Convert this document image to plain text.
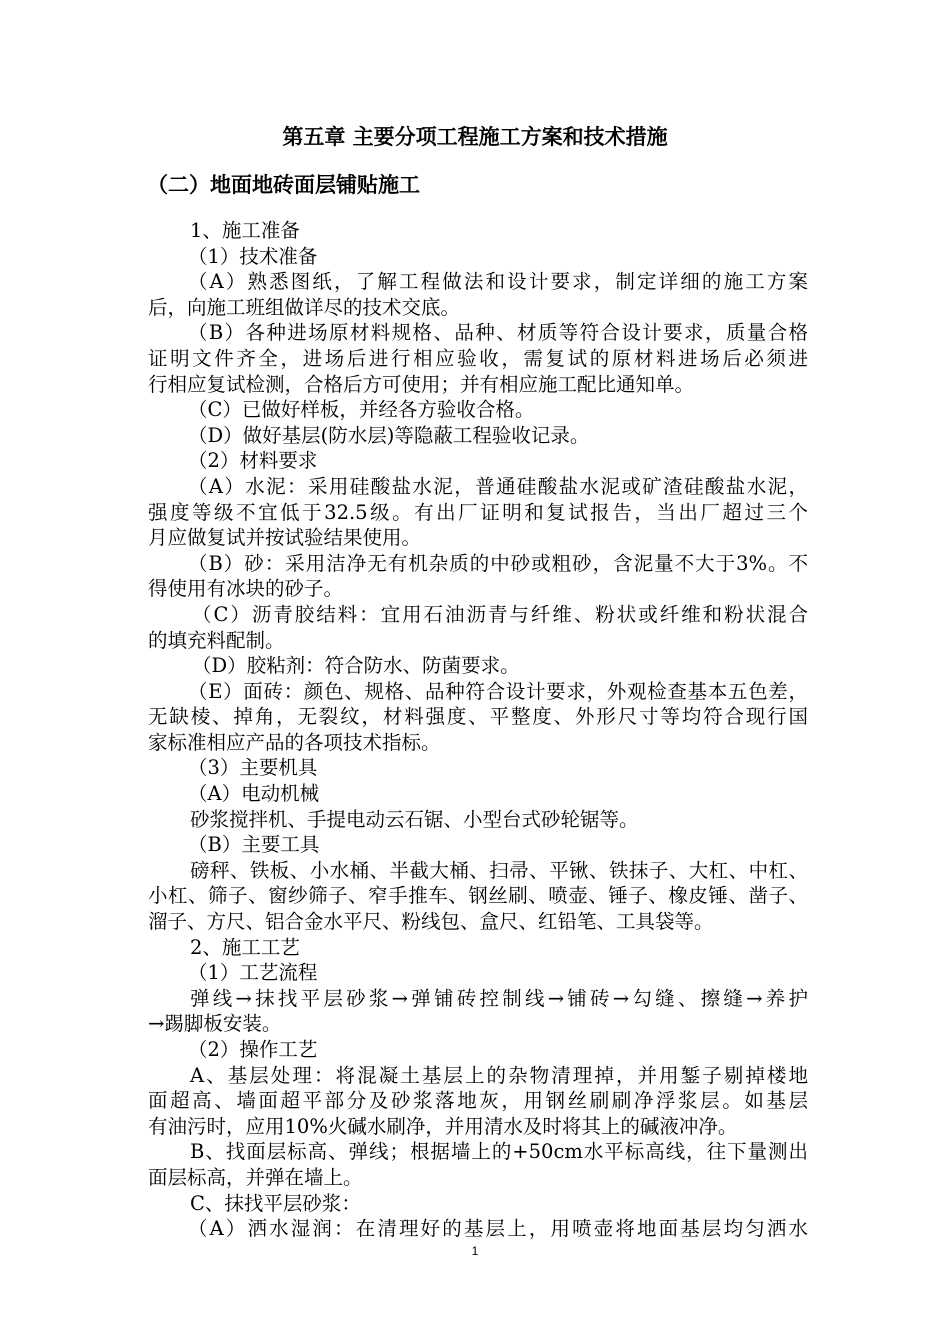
第五章 主要分项工程施工方案和技术措施
（二）地面地砖面层铺贴施工
1、施工准备
（1）技术准备
（A）熟悉图纸，了解工程做法和设计要求，制定详细的施工方案
后，向施工班组做详尽的技术交底。
（B）各种进场原材料规格、品种、材质等符合设计要求，质量合格
证明文件齐全，进场后进行相应验收，需复试的原材料进场后必须进
行相应复试检测，合格后方可使用；并有相应施工配比通知单。
（C）已做好样板，并经各方验收合格。
（D）做好基层(防水层)等隐蔽工程验收记录。
（2）材料要求
（A）水泥：采用硅酸盐水泥，普通硅酸盐水泥或矿渣硅酸盐水泥，
强度等级不宜低于32.5级。有出厂证明和复试报告，当出厂超过三个
月应做复试并按试验结果使用。
（B）砂：采用洁净无有机杂质的中砂或粗砂，含泥量不大于3%。不
得使用有冰块的砂子。
（C）沥青胶结料：宜用石油沥青与纤维、粉状或纤维和粉状混合
的填充料配制。
（D）胶粘剂：符合防水、防菌要求。
（E）面砖：颜色、规格、品种符合设计要求，外观检查基本五色差，
无缺棱、掉角，无裂纹，材料强度、平整度、外形尺寸等均符合现行国
家标准相应产品的各项技术指标。
（3）主要机具
（A）电动机械
砂浆搅拌机、手提电动云石锯、小型台式砂轮锯等。
（B）主要工具
磅秤、铁板、小水桶、半截大桶、扫帚、平锹、铁抹子、大杠、中杠、
小杠、筛子、窗纱筛子、窄手推车、钢丝刷、喷壶、锤子、橡皮锤、凿子、
溜子、方尺、铝合金水平尺、粉线包、盒尺、红铅笔、工具袋等。
2、施工工艺
（1）工艺流程
弹线→抹找平层砂浆→弹铺砖控制线→铺砖→勾缝、擦缝→养护
→踢脚板安装。
（2）操作工艺
A、基层处理：将混凝土基层上的杂物清理掉，并用錾子剔掉楼地
面超高、墙面超平部分及砂浆落地灰，用钢丝刷刷净浮浆层。如基层
有油污时，应用10%火碱水刷净，并用清水及时将其上的碱液冲净。
B、找面层标高、弹线；根据墙上的+50cm水平标高线，往下量测出
面层标高，并弹在墙上。
C、抹找平层砂浆：
（A）洒水湿润：在清理好的基层上，用喷壶将地面基层均匀洒水
1
